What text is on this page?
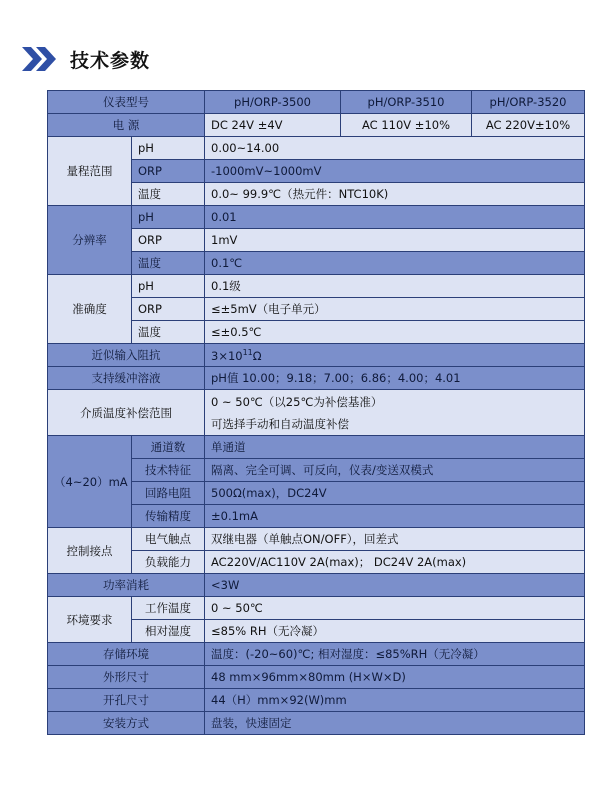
技术参数
仪表型号		pH/ORP-3500	pH/ORP-3510	pH/ORP-3520
电 源		DC 24V ±4V	AC 110V ±10%	AC 220V±10%
量程范围	pH	0.00~14.00		
	ORP	-1000mV~1000mV		
	温度	0.0~ 99.9℃（热元件：NTC10K)		
分辨率	pH	0.01		
	ORP	1mV		
	温度	0.1℃		
准确度	pH	0.1级		
	ORP	≤±5mV（电子单元）		
	温度	≤±0.5℃		
近似输入阻抗		$3\times 10^{11}\Omega$		
支持缓冲溶液		pH值 10.00；9.18；7.00；6.86；4.00；4.01		
介质温度补偿范围		0 ~ 50℃（以25℃为补偿基准）
可选择手动和自动温度补偿		

（4~20）mA	通道数	单通道		
	技术特征	隔离、完全可调、可反向，仪表/变送双模式		
	回路电阻	500Ω(max)，DC24V		
	传输精度	±0.1mA		
控制接点	电气触点	双继电器（单触点ON/OFF），回差式		
	负载能力	AC220V/AC110V 2A(max)； DC24V 2A(max)		
功率消耗		<3W		
环境要求	工作温度	0 ~ 50℃		
	相对湿度	≤85% RH（无冷凝）		
存储环境		温度：(-20~60)℃; 相对湿度：≤85%RH（无冷凝）		
外形尺寸		48 mm×96mm×80mm (H×W×D)		
开孔尺寸		44（H）mm×92(W)mm		
安装方式		盘装，快速固定		
